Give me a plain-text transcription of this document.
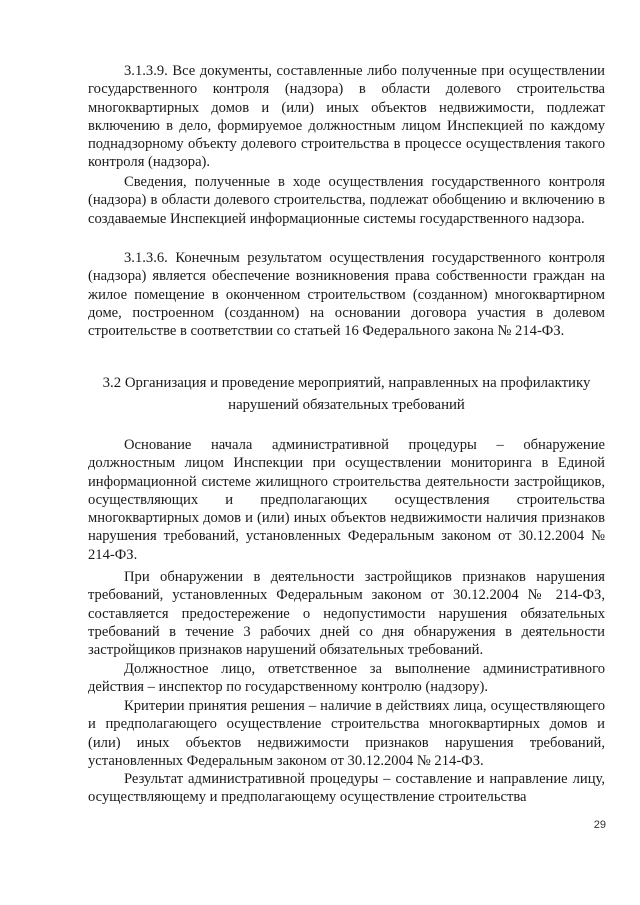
3.1.3.9. Все документы, составленные либо полученные при осуществлении государственного контроля (надзора) в области долевого строительства многоквартирных домов и (или) иных объектов недвижимости, подлежат включению в дело, формируемое должностным лицом Инспекцией по каждому поднадзорному объекту долевого строительства в процессе осуществления такого контроля (надзора).

Сведения, полученные в ходе осуществления государственного контроля (надзора) в области долевого строительства, подлежат обобщению и включению в создаваемые Инспекцией информационные системы государственного надзора.

3.1.3.6. Конечным результатом осуществления государственного контроля (надзора) является обеспечение возникновения права собственности граждан на жилое помещение в оконченном строительством (созданном) многоквартирном доме, построенном (созданном) на основании договора участия в долевом строительстве в соответствии со статьей 16 Федерального закона № 214-ФЗ.

3.2 Организация и проведение мероприятий, направленных на профилактику нарушений обязательных требований

Основание начала административной процедуры – обнаружение должностным лицом Инспекции при осуществлении мониторинга в Единой информационной системе жилищного строительства деятельности застройщиков, осуществляющих и предполагающих осуществления строительства многоквартирных домов и (или) иных объектов недвижимости наличия признаков нарушения требований, установленных Федеральным законом от 30.12.2004 № 214-ФЗ.

При обнаружении в деятельности застройщиков признаков нарушения требований, установленных Федеральным законом от 30.12.2004 № 214-ФЗ, составляется предостережение о недопустимости нарушения обязательных требований в течение 3 рабочих дней со дня обнаружения в деятельности застройщиков признаков нарушений обязательных требований.

Должностное лицо, ответственное за выполнение административного действия – инспектор по государственному контролю (надзору).

Критерии принятия решения – наличие в действиях лица, осуществляющего и предполагающего осуществление строительства многоквартирных домов и (или) иных объектов недвижимости признаков нарушения требований, установленных Федеральным законом от 30.12.2004 № 214-ФЗ.

Результат административной процедуры – составление и направление лицу, осуществляющему и предполагающему осуществление строительства

29
